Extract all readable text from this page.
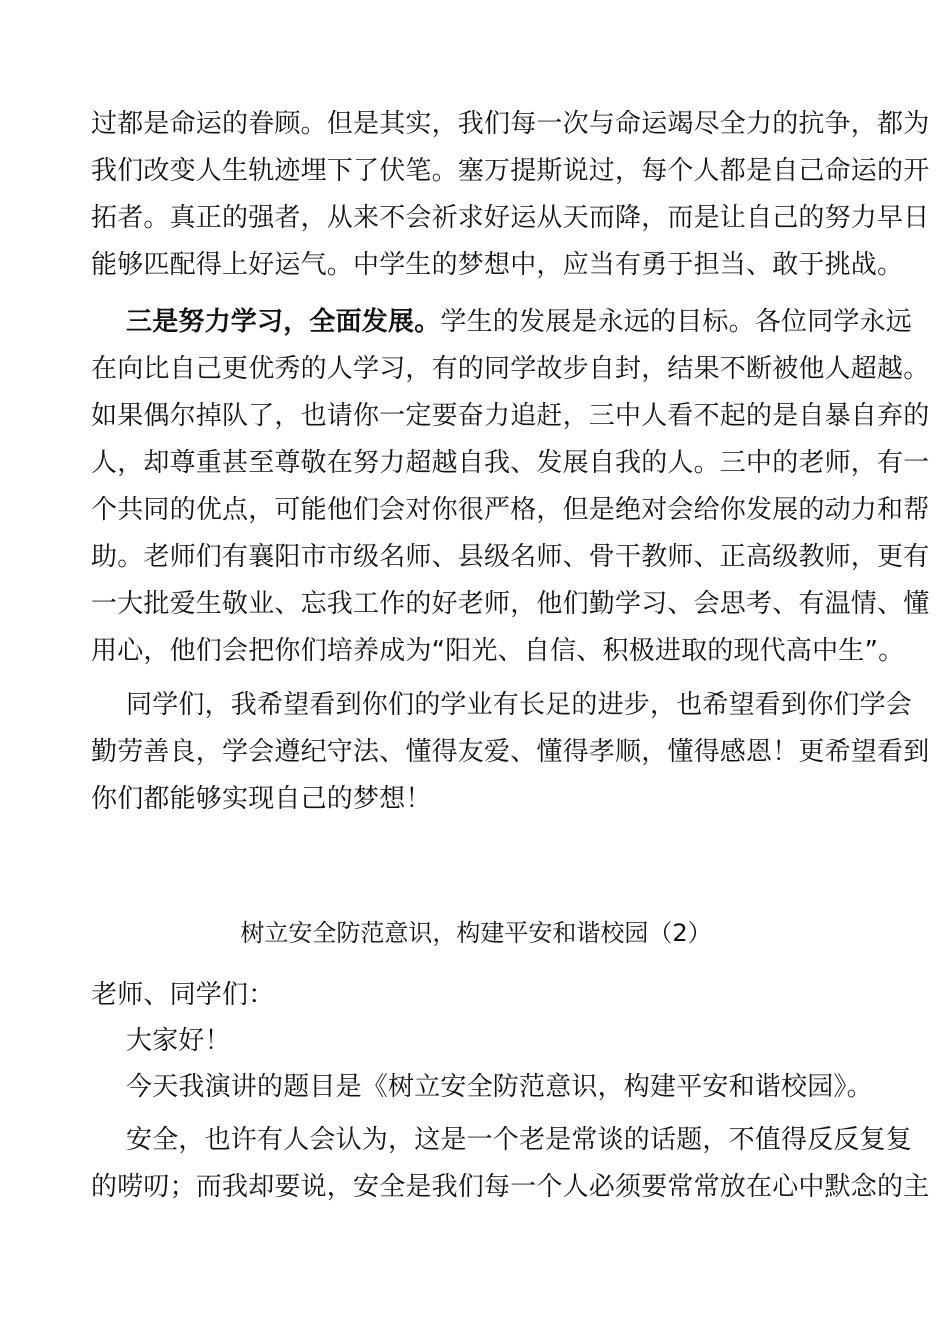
过都是命运的眷顾。但是其实，我们每一次与命运竭尽全力的抗争，都为
我们改变人生轨迹埋下了伏笔。塞万提斯说过，每个人都是自己命运的开
拓者。真正的强者，从来不会祈求好运从天而降，而是让自己的努力早日
能够匹配得上好运气。中学生的梦想中，应当有勇于担当、敢于挑战。
三是努力学习，全面发展。学生的发展是永远的目标。各位同学永远
在向比自己更优秀的人学习，有的同学故步自封，结果不断被他人超越。
如果偶尔掉队了，也请你一定要奋力追赶，三中人看不起的是自暴自弃的
人，却尊重甚至尊敬在努力超越自我、发展自我的人。三中的老师，有一
个共同的优点，可能他们会对你很严格，但是绝对会给你发展的动力和帮
助。老师们有襄阳市市级名师、县级名师、骨干教师、正高级教师，更有
一大批爱生敬业、忘我工作的好老师，他们勤学习、会思考、有温情、懂
用心，他们会把你们培养成为“阳光、自信、积极进取的现代高中生”。
同学们，我希望看到你们的学业有长足的进步，也希望看到你们学会
勤劳善良，学会遵纪守法、懂得友爱、懂得孝顺，懂得感恩！更希望看到
你们都能够实现自己的梦想！
树立安全防范意识，构建平安和谐校园（2）
老师、同学们：
大家好！
今天我演讲的题目是《树立安全防范意识，构建平安和谐校园》。
安全，也许有人会认为，这是一个老是常谈的话题，不值得反反复复
的唠叨；而我却要说，安全是我们每一个人必须要常常放在心中默念的主
